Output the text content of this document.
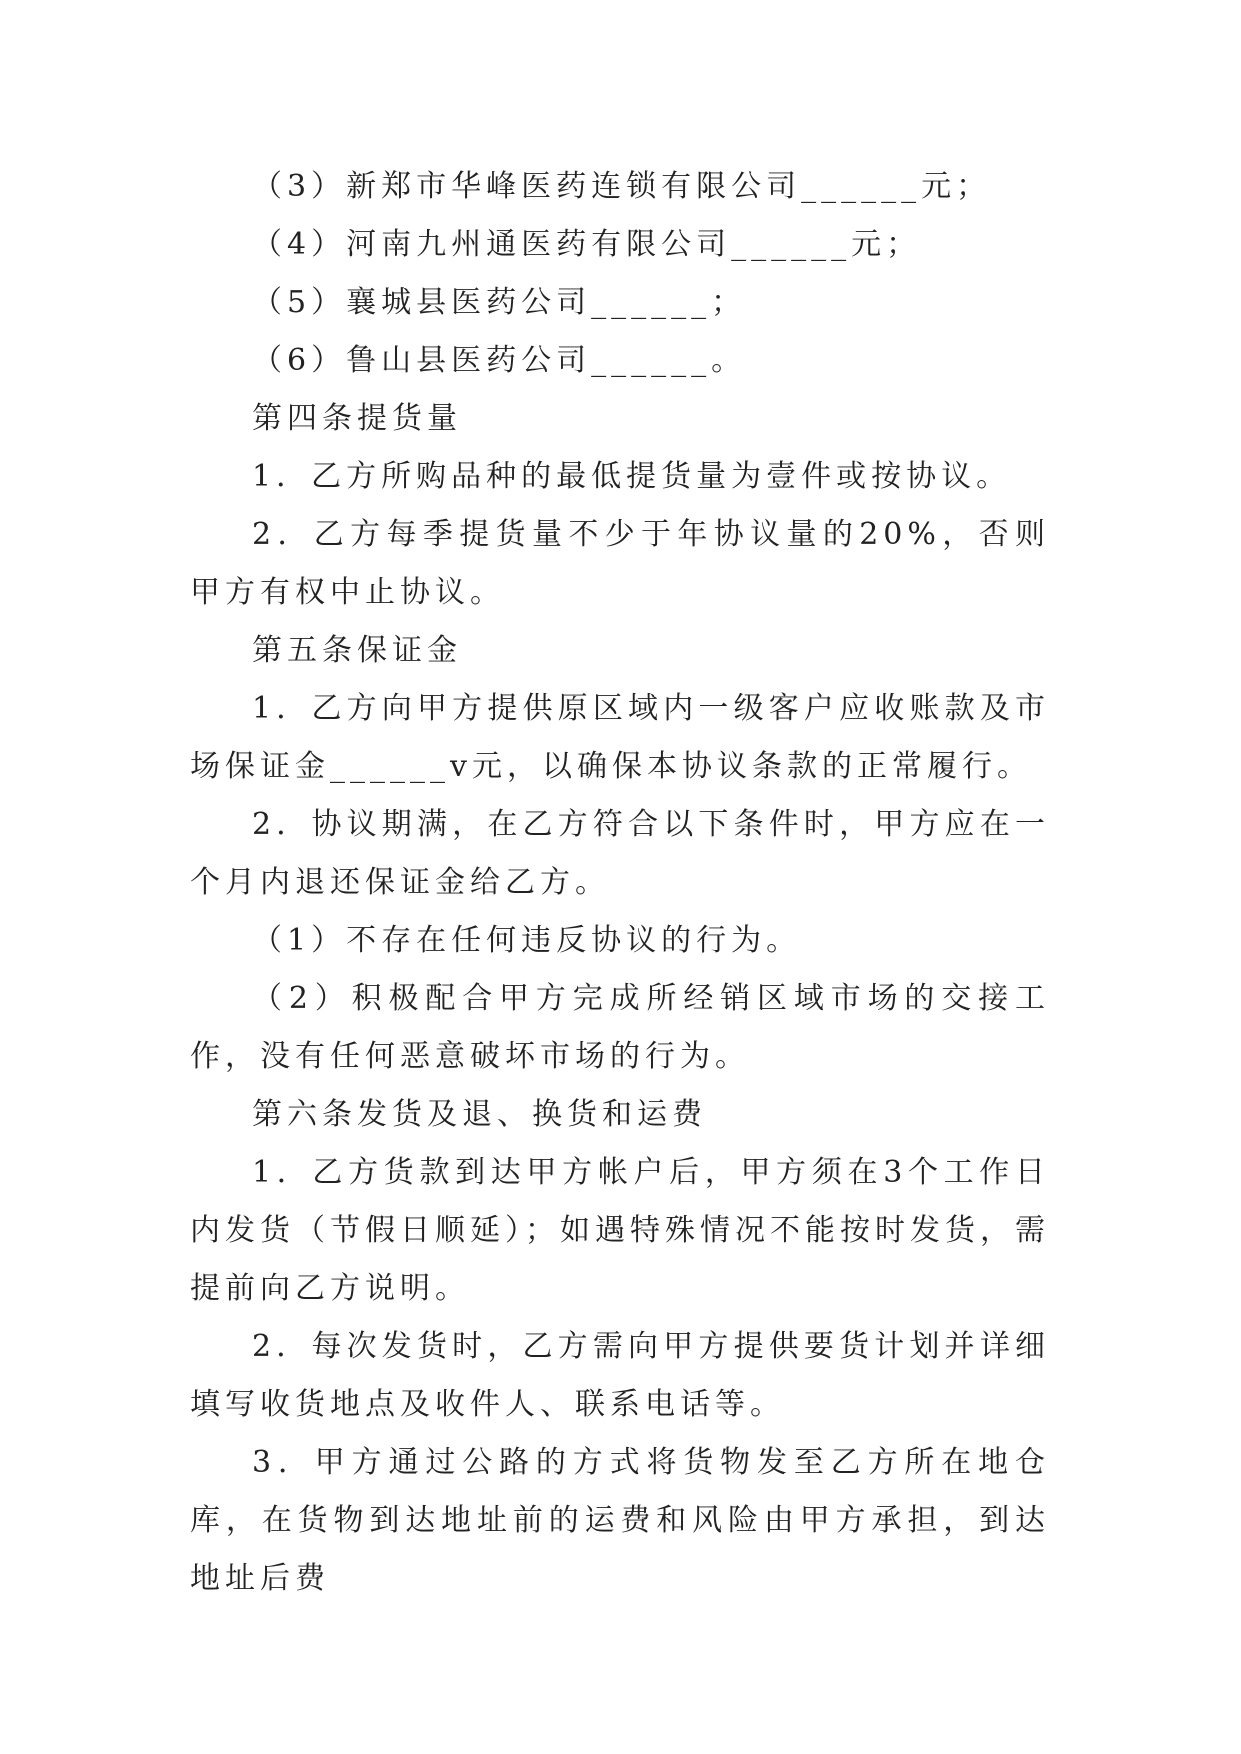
（3）新郑市华峰医药连锁有限公司______元；

（4）河南九州通医药有限公司______元；

（5）襄城县医药公司______；

（6）鲁山县医药公司______。

第四条提货量

1．乙方所购品种的最低提货量为壹件或按协议。

2．乙方每季提货量不少于年协议量的20%，否则甲方有权中止协议。

第五条保证金

1．乙方向甲方提供原区域内一级客户应收账款及市场保证金______v元，以确保本协议条款的正常履行。

2．协议期满，在乙方符合以下条件时，甲方应在一个月内退还保证金给乙方。

（1）不存在任何违反协议的行为。

（2）积极配合甲方完成所经销区域市场的交接工作，没有任何恶意破坏市场的行为。

第六条发货及退、换货和运费

1．乙方货款到达甲方帐户后，甲方须在3个工作日内发货（节假日顺延）；如遇特殊情况不能按时发货，需提前向乙方说明。

2．每次发货时，乙方需向甲方提供要货计划并详细填写收货地点及收件人、联系电话等。

3．甲方通过公路的方式将货物发至乙方所在地仓库，在货物到达地址前的运费和风险由甲方承担，到达地址后费
